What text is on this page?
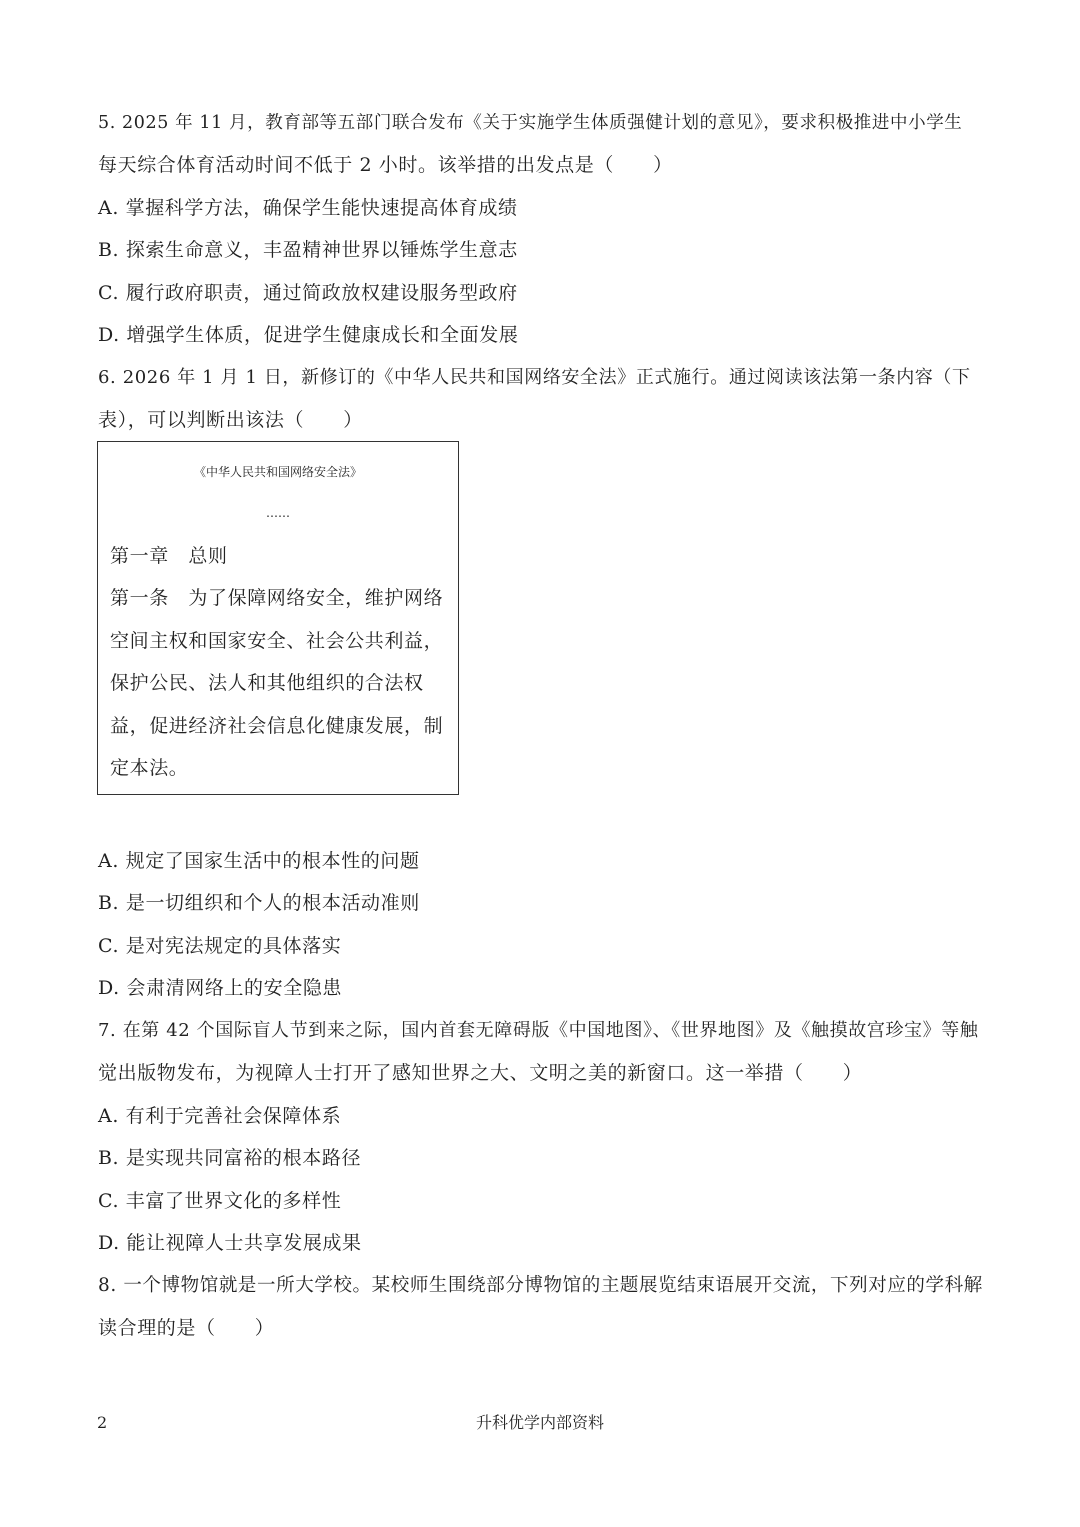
5. 2025 年 11 月，教育部等五部门联合发布《关于实施学生体质强健计划的意见》，要求积极推进中小学生
每天综合体育活动时间不低于 2 小时。该举措的出发点是（　　）
A. 掌握科学方法，确保学生能快速提高体育成绩
B. 探索生命意义，丰盈精神世界以锤炼学生意志
C. 履行政府职责，通过简政放权建设服务型政府
D. 增强学生体质，促进学生健康成长和全面发展
6. 2026 年 1 月 1 日，新修订的《中华人民共和国网络安全法》正式施行。通过阅读该法第一条内容（下
表），可以判断出该法（　　）
《中华人民共和国网络安全法》
……
第一章　总则
第一条　为了保障网络安全，维护网络
空间主权和国家安全、社会公共利益，
保护公民、法人和其他组织的合法权
益，促进经济社会信息化健康发展，制
定本法。
A. 规定了国家生活中的根本性的问题
B. 是一切组织和个人的根本活动准则
C. 是对宪法规定的具体落实
D. 会肃清网络上的安全隐患
7. 在第 42 个国际盲人节到来之际，国内首套无障碍版《中国地图》、《世界地图》及《触摸故宫珍宝》等触
觉出版物发布，为视障人士打开了感知世界之大、文明之美的新窗口。这一举措（　　）
A. 有利于完善社会保障体系
B. 是实现共同富裕的根本路径
C. 丰富了世界文化的多样性
D. 能让视障人士共享发展成果
8. 一个博物馆就是一所大学校。某校师生围绕部分博物馆的主题展览结束语展开交流，下列对应的学科解
读合理的是（　　）
2	升科优学内部资料
